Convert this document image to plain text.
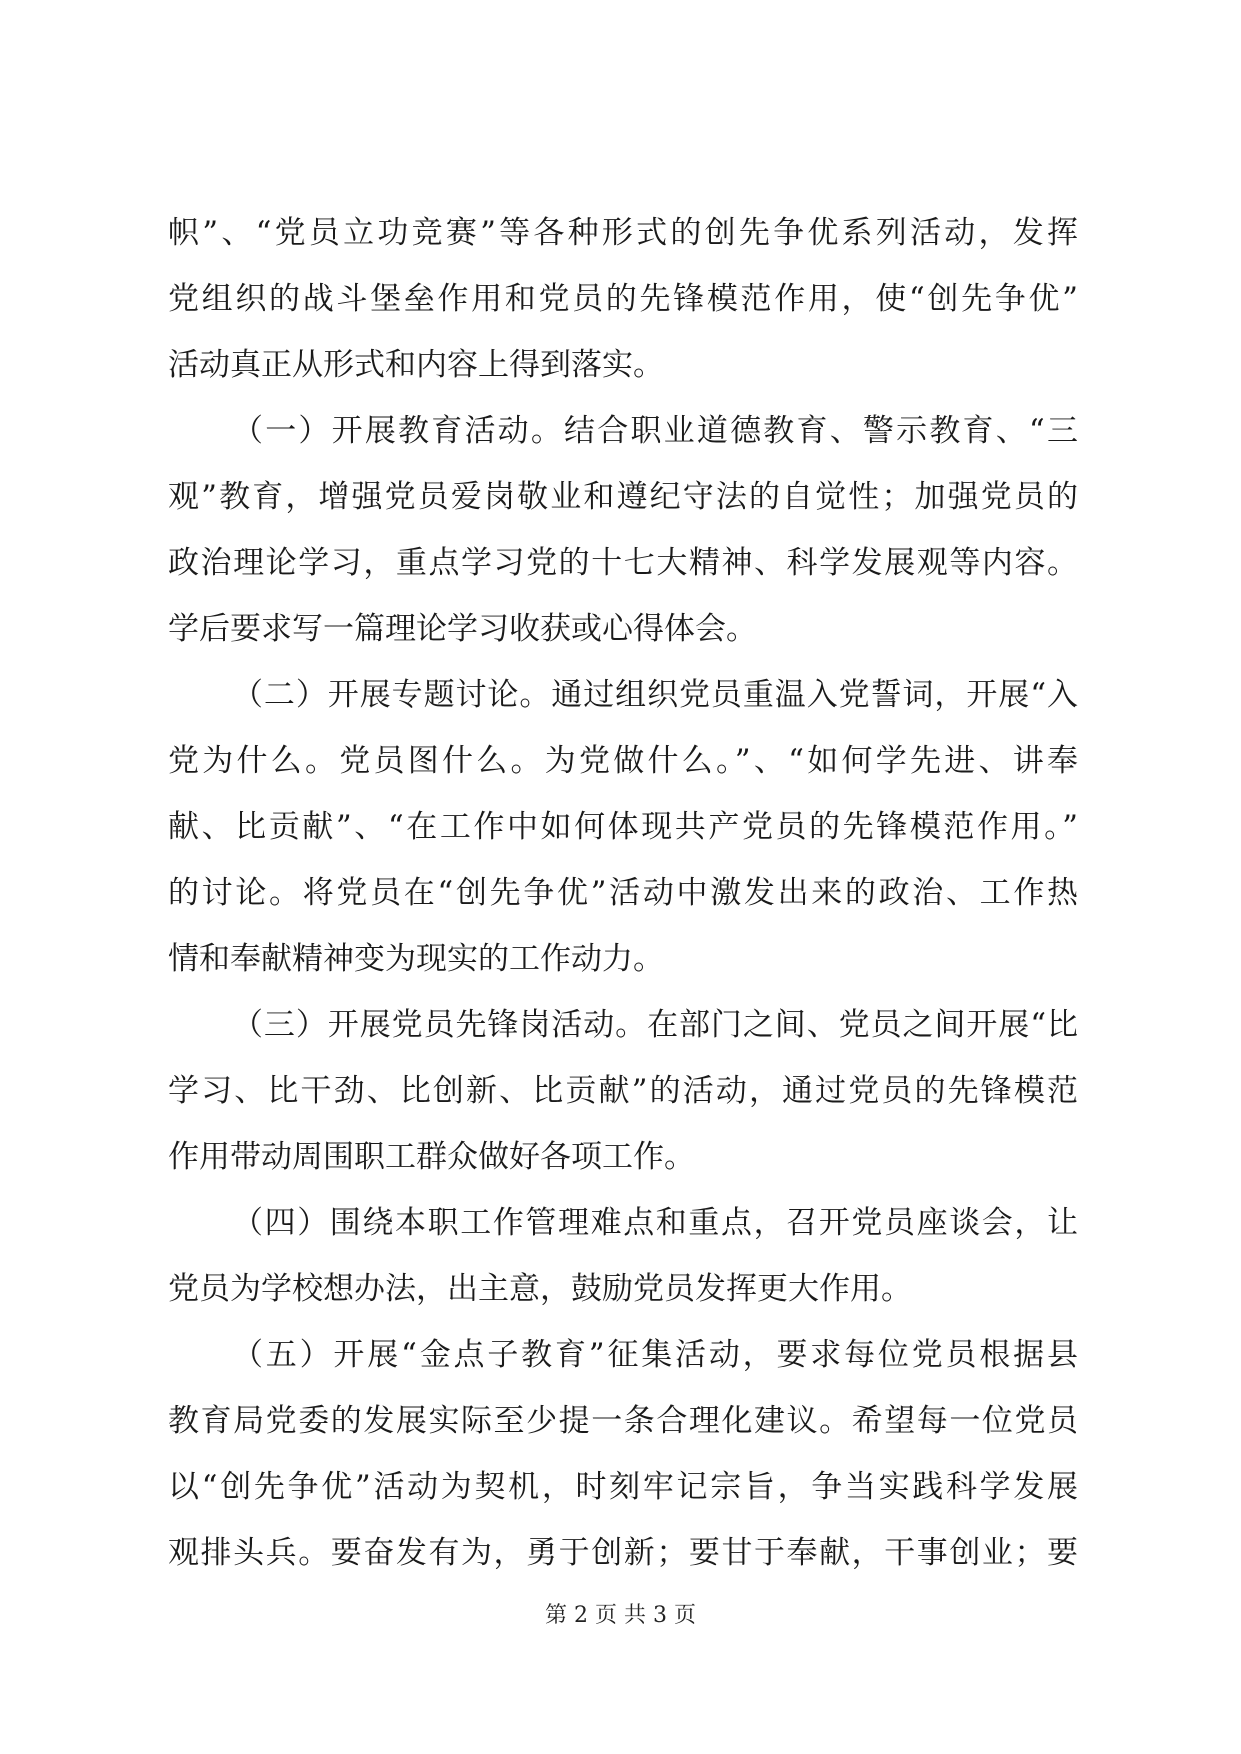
帜”、“党员立功竞赛”等各种形式的创先争优系列活动，发挥
党组织的战斗堡垒作用和党员的先锋模范作用，使“创先争优”
活动真正从形式和内容上得到落实。
（一）开展教育活动。结合职业道德教育、警示教育、“三
观”教育，增强党员爱岗敬业和遵纪守法的自觉性；加强党员的
政治理论学习，重点学习党的十七大精神、科学发展观等内容。
学后要求写一篇理论学习收获或心得体会。
（二）开展专题讨论。通过组织党员重温入党誓词，开展“入
党为什么。党员图什么。为党做什么。”、“如何学先进、讲奉
献、比贡献”、“在工作中如何体现共产党员的先锋模范作用。”
的讨论。将党员在“创先争优”活动中激发出来的政治、工作热
情和奉献精神变为现实的工作动力。
（三）开展党员先锋岗活动。在部门之间、党员之间开展“比
学习、比干劲、比创新、比贡献”的活动，通过党员的先锋模范
作用带动周围职工群众做好各项工作。
（四）围绕本职工作管理难点和重点，召开党员座谈会，让
党员为学校想办法，出主意，鼓励党员发挥更大作用。
（五）开展“金点子教育”征集活动，要求每位党员根据县
教育局党委的发展实际至少提一条合理化建议。希望每一位党员
以“创先争优”活动为契机，时刻牢记宗旨，争当实践科学发展
观排头兵。要奋发有为，勇于创新；要甘于奉献，干事创业；要
第 2 页 共 3 页
